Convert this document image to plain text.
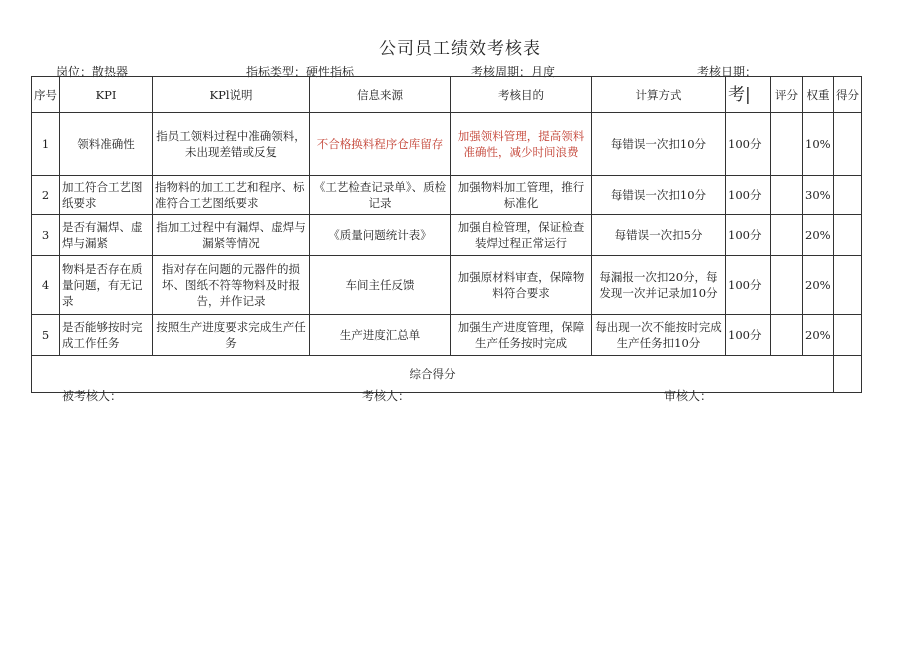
公司员工绩效考核表
岗位：散热器	指标类型：硬性指标	考核周期：月度	考核日期：
序号	KPI	KPl说明	信息来源	考核目的	计算方式	考|	评分	权重	得分
1	领料准确性	指员工领料过程中准确领料，未出现差错或反复	不合格换料程序仓库留存	加强领料管理，提高领料准确性，减少时间浪费	每错误一次扣10分	100分		10%	
2	加工符合工艺图纸要求	指物料的加工工艺和程序、标准符合工艺图纸要求	《工艺检查记录单》、质检记录	加强物料加工管理，推行标准化	每错误一次扣10分	100分		30%	
3	是否有漏焊、虚焊与漏紧	指加工过程中有漏焊、虚焊与漏紧等情况	《质量问题统计表》	加强自检管理，保证检查装焊过程正常运行	每错误一次扣5分	100分		20%	
4	物料是否存在质量问题，有无记录	指对存在问题的元器件的损坏、图纸不符等物料及时报告，并作记录	车间主任反馈	加强原材料审查，保障物料符合要求	每漏报一次扣20分，每发现一次并记录加10分	100分		20%	
5	是否能够按时完成工作任务	按照生产进度要求完成生产任务	生产进度汇总单	加强生产进度管理，保障生产任务按时完成	每出现一次不能按时完成生产任务扣10分	100分		20%	
综合得分									
被考核人：	考核人：	审核人：
